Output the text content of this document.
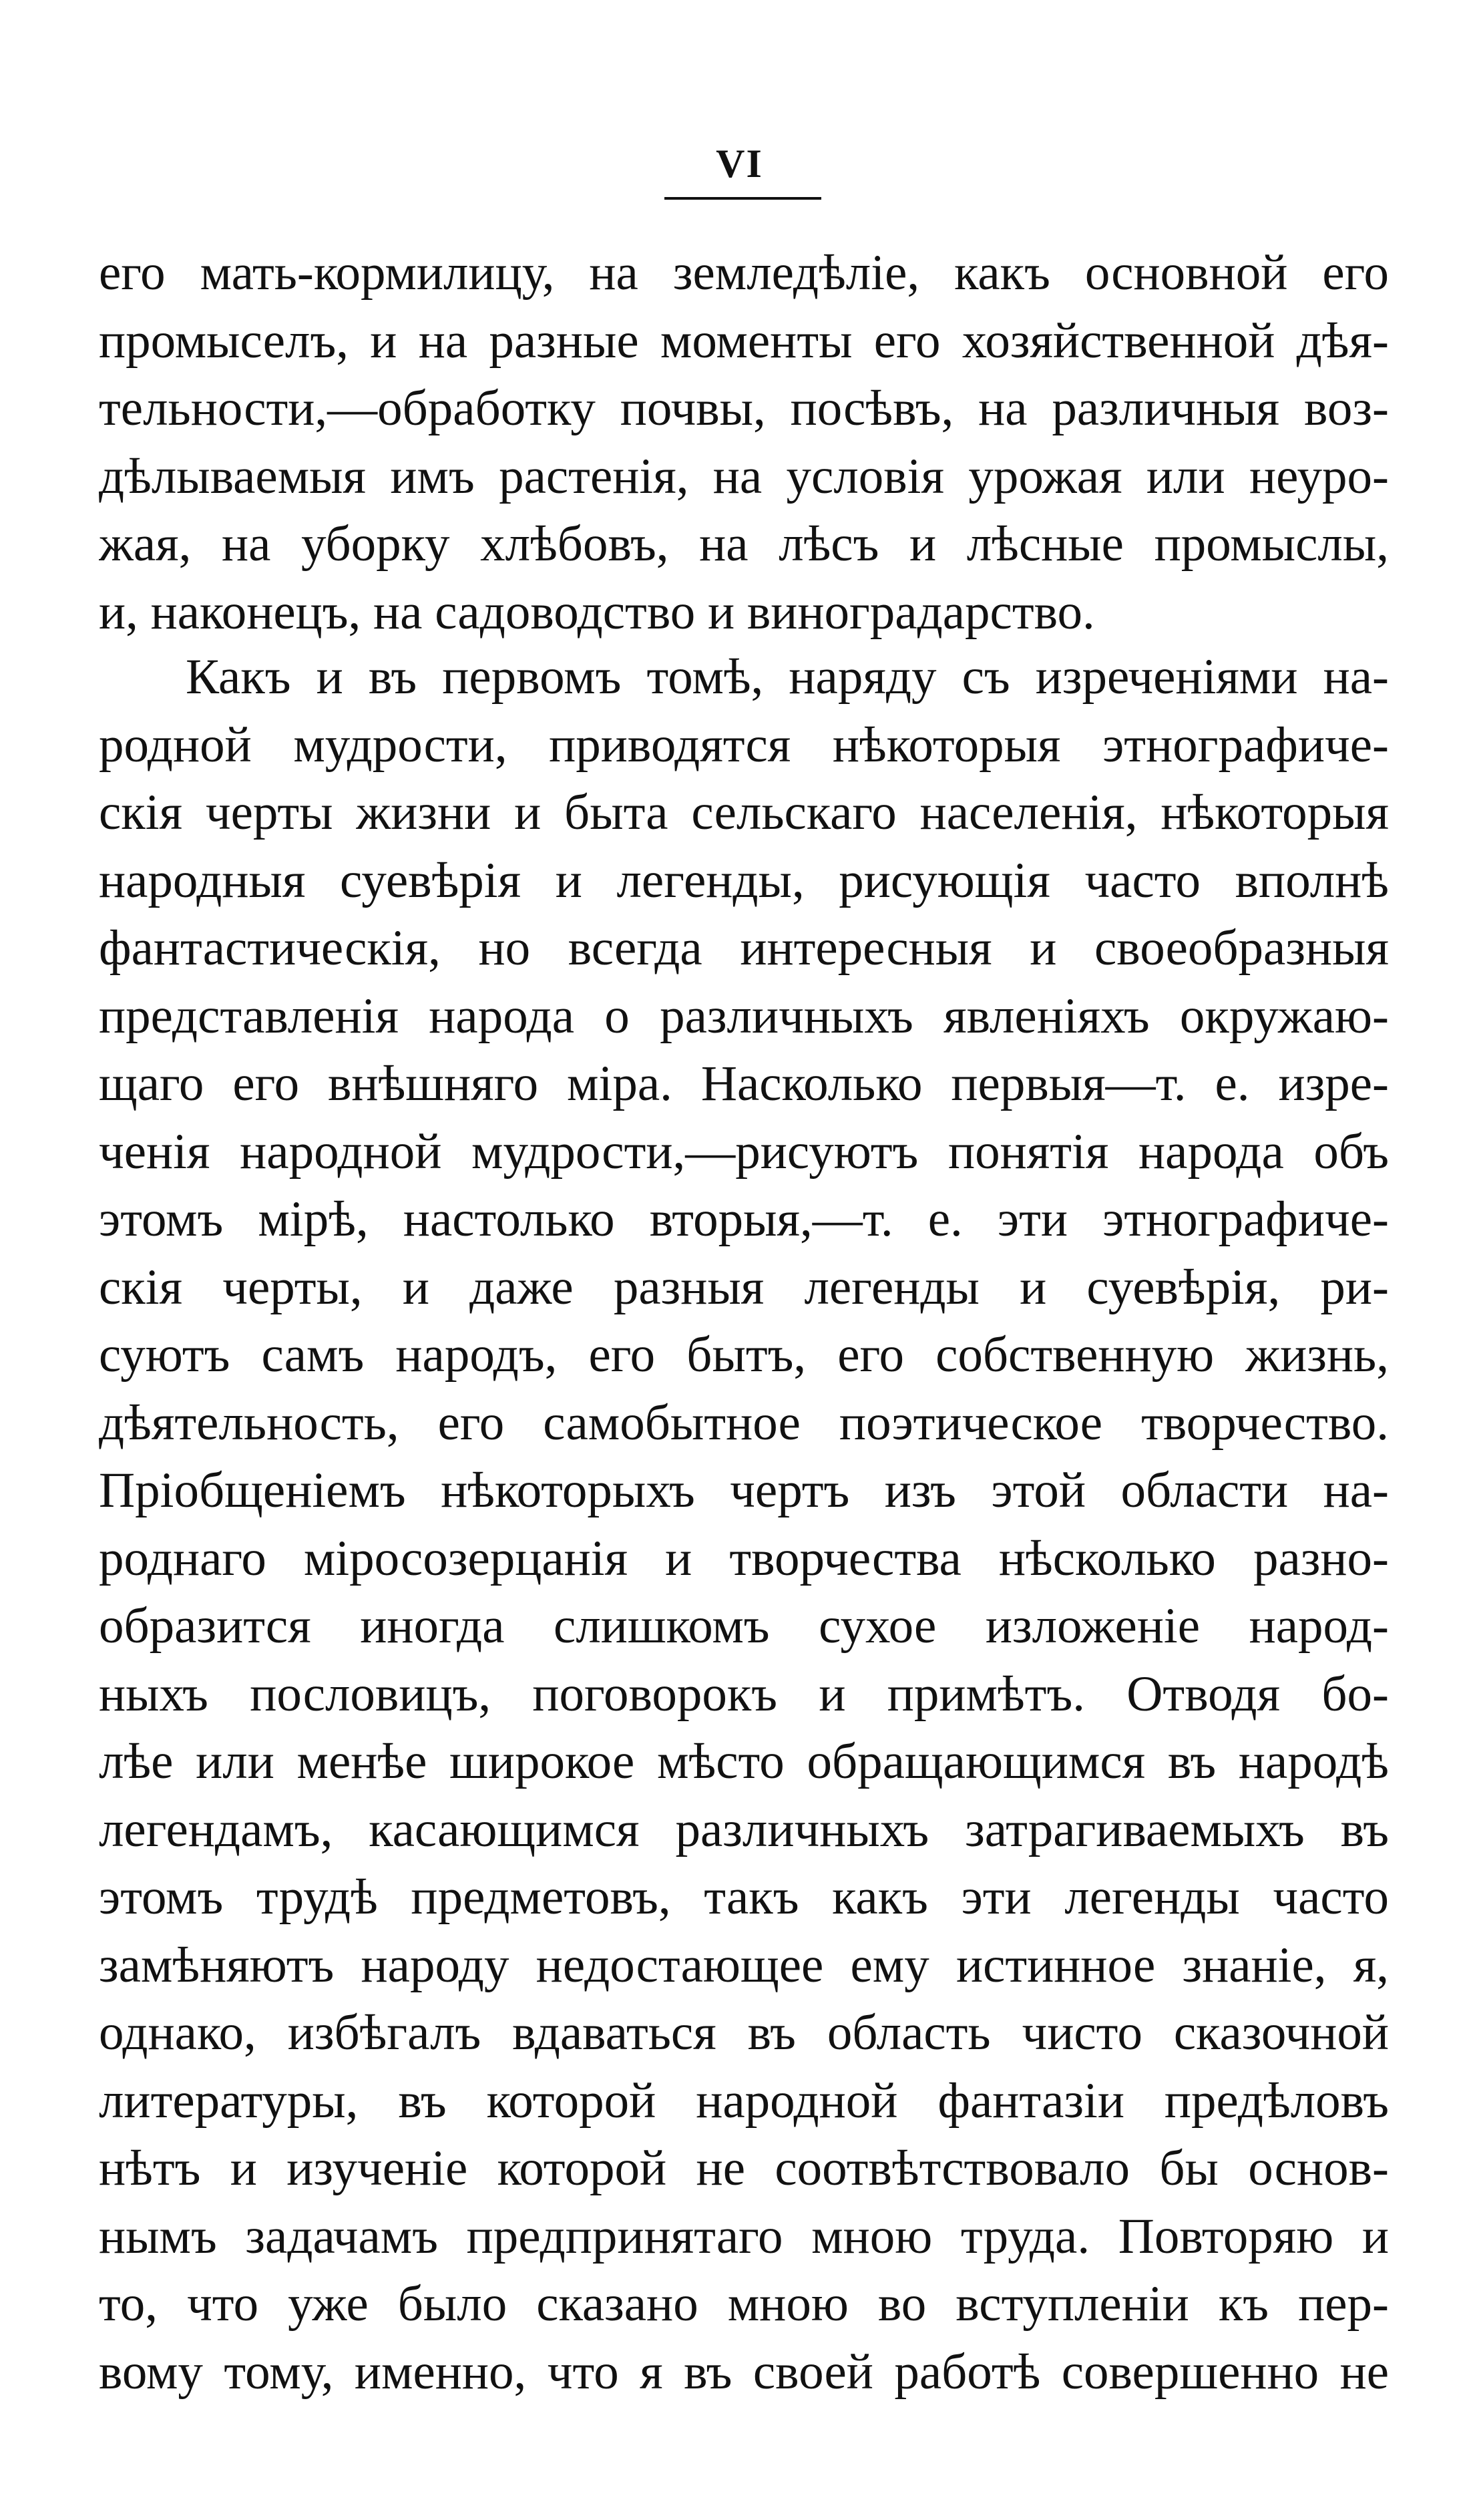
VI
его мать-кормилицу, на земледѣліе, какъ основной его
промыселъ, и на разные моменты его хозяйственной дѣя-
тельности,—обработку почвы, посѣвъ, на различныя воз-
дѣлываемыя имъ растенія, на условія урожая или неуро-
жая, на уборку хлѣбовъ, на лѣсъ и лѣсные промыслы,
и, наконецъ, на садоводство и виноградарство.
Какъ и въ первомъ томѣ, наряду съ изреченіями на-
родной мудрости, приводятся нѣкоторыя этнографиче-
скія черты жизни и быта сельскаго населенія, нѣкоторыя
народныя суевѣрія и легенды, рисующія часто вполнѣ
фантастическія, но всегда интересныя и своеобразныя
представленія народа о различныхъ явленіяхъ окружаю-
щаго его внѣшняго міра. Насколько первыя—т. е. изре-
ченія народной мудрости,—рисуютъ понятія народа объ
этомъ мірѣ, настолько вторыя,—т. е. эти этнографиче-
скія черты, и даже разныя легенды и суевѣрія, ри-
суютъ самъ народъ, его бытъ, его собственную жизнь,
дѣятельность, его самобытное поэтическое творчество.
Пріобщеніемъ нѣкоторыхъ чертъ изъ этой области на-
роднаго міросозерцанія и творчества нѣсколько разно-
образится иногда слишкомъ сухое изложеніе народ-
ныхъ пословицъ, поговорокъ и примѣтъ. Отводя бо-
лѣе или менѣе широкое мѣсто обращающимся въ народѣ
легендамъ, касающимся различныхъ затрагиваемыхъ въ
этомъ трудѣ предметовъ, такъ какъ эти легенды часто
замѣняютъ народу недостающее ему истинное знаніе, я,
однако, избѣгалъ вдаваться въ область чисто сказочной
литературы, въ которой народной фантазіи предѣловъ
нѣтъ и изученіе которой не соотвѣтствовало бы основ-
нымъ задачамъ предпринятаго мною труда. Повторяю и
то, что уже было сказано мною во вступленіи къ пер-
вому тому, именно, что я въ своей работѣ совершенно не
